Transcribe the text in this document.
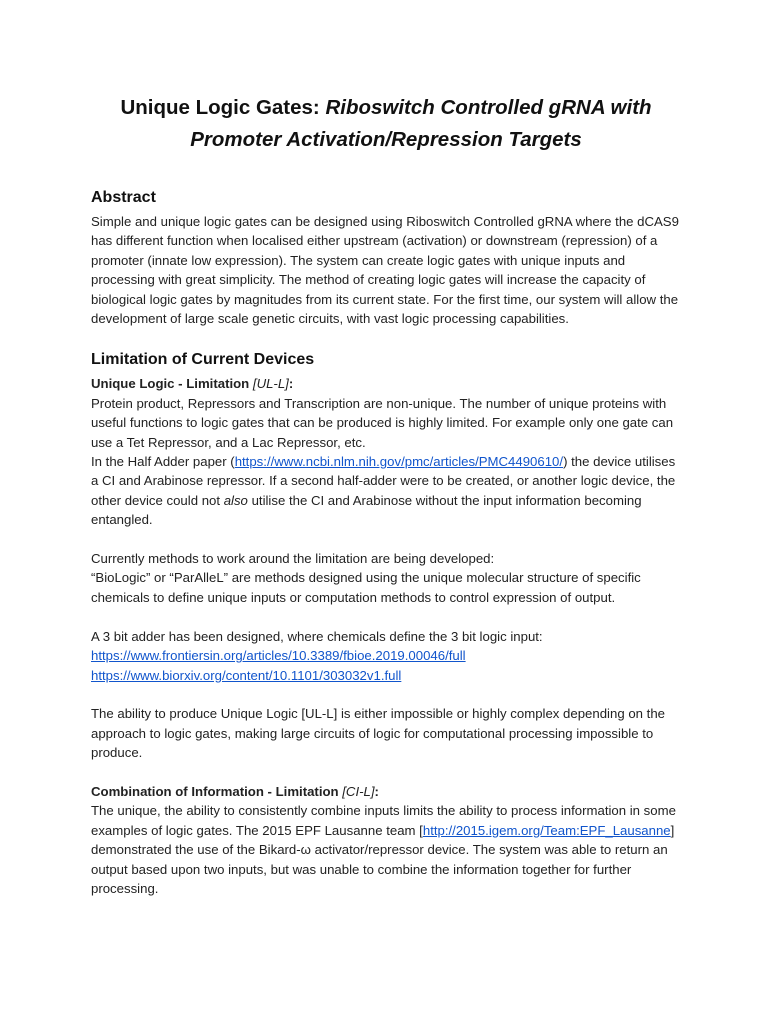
Unique Logic Gates: Riboswitch Controlled gRNA with
Promoter Activation/Repression Targets
Abstract

Simple and unique logic gates can be designed using Riboswitch Controlled gRNA where the dCAS9 has different function when localised either upstream (activation) or downstream (repression) of a promoter (innate low expression). The system can create logic gates with unique inputs and processing with great simplicity. The method of creating logic gates will increase the capacity of biological logic gates by magnitudes from its current state. For the first time, our system will allow the development of large scale genetic circuits, with vast logic processing capabilities.

Limitation of Current Devices

Unique Logic - Limitation [UL-L]:

Protein product, Repressors and Transcription are non-unique. The number of unique proteins with useful functions to logic gates that can be produced is highly limited. For example only one gate can use a Tet Repressor, and a Lac Repressor, etc.

In the Half Adder paper (https://www.ncbi.nlm.nih.gov/pmc/articles/PMC4490610/) the device utilises a CI and Arabinose repressor. If a second half-adder were to be created, or another logic device, the other device could not also utilise the CI and Arabinose without the input information becoming entangled.

Currently methods to work around the limitation are being developed:

“BioLogic” or “ParAlleL” are methods designed using the unique molecular structure of specific chemicals to define unique inputs or computation methods to control expression of output.

A 3 bit adder has been designed, where chemicals define the 3 bit logic input:

https://www.frontiersin.org/articles/10.3389/fbioe.2019.00046/full

https://www.biorxiv.org/content/10.1101/303032v1.full

The ability to produce Unique Logic [UL-L] is either impossible or highly complex depending on the approach to logic gates, making large circuits of logic for computational processing impossible to produce.

Combination of Information - Limitation [CI-L]:

The unique, the ability to consistently combine inputs limits the ability to process information in some examples of logic gates. The 2015 EPF Lausanne team [http://2015.igem.org/Team:EPF_Lausanne] demonstrated the use of the Bikard-ω activator/repressor device. The system was able to return an output based upon two inputs, but was unable to combine the information together for further processing.
